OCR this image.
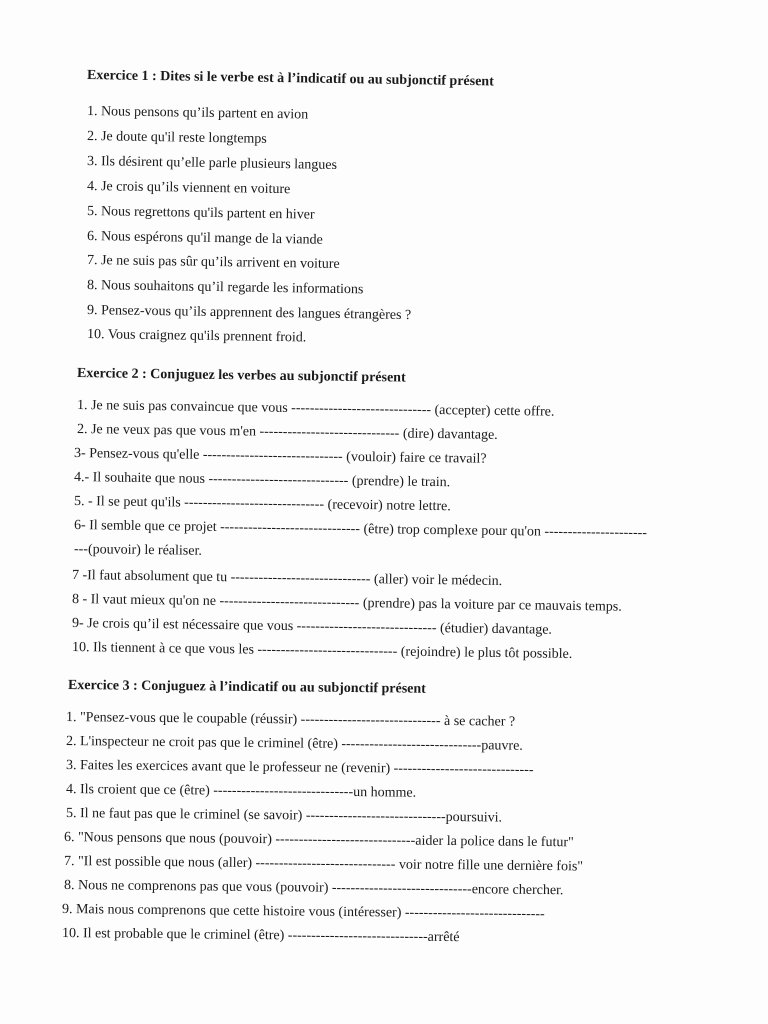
Exercice 1 : Dites si le verbe est à l’indicatif ou au subjonctif présent
1. Nous pensons qu’ils partent en avion
2. Je doute qu'il reste longtemps
3. Ils désirent qu’elle parle plusieurs langues
4. Je crois qu’ils viennent en voiture
5. Nous regrettons qu'ils partent en hiver
6. Nous espérons qu'il mange de la viande
7. Je ne suis pas sûr qu’ils arrivent en voiture
8. Nous souhaitons qu’il regarde les informations
9. Pensez-vous qu’ils apprennent des langues étrangères ?
10. Vous craignez qu'ils prennent froid.
Exercice 2 : Conjuguez les verbes au subjonctif présent
1. Je ne suis pas convaincue que vous ------------------------------ (accepter) cette offre.
2. Je ne veux pas que vous m'en ------------------------------ (dire) davantage.
3- Pensez-vous qu'elle ------------------------------ (vouloir) faire ce travail?
4.- Il souhaite que nous ------------------------------ (prendre) le train.
5. - Il se peut qu'ils ------------------------------ (recevoir) notre lettre.
6- Il semble que ce projet ------------------------------ (être) trop complexe pour qu'on ----------------------
---(pouvoir) le réaliser.
7 -Il faut absolument que tu ------------------------------ (aller) voir le médecin.
8 - Il vaut mieux qu'on ne ------------------------------ (prendre) pas la voiture par ce mauvais temps.
9- Je crois qu’il est nécessaire que vous ------------------------------ (étudier) davantage.
10. Ils tiennent à ce que vous les ------------------------------ (rejoindre) le plus tôt possible.
Exercice 3 : Conjuguez à l’indicatif ou au subjonctif présent
1. "Pensez-vous que le coupable (réussir) ------------------------------ à se cacher ?
2. L'inspecteur ne croit pas que le criminel (être) ------------------------------pauvre.
3. Faites les exercices avant que le professeur ne (revenir) ------------------------------
4. Ils croient que ce (être) ------------------------------un homme.
5. Il ne faut pas que le criminel (se savoir) ------------------------------poursuivi.
6. "Nous pensons que nous (pouvoir) ------------------------------aider la police dans le futur"
7. "Il est possible que nous (aller) ------------------------------ voir notre fille une dernière fois"
8. Nous ne comprenons pas que vous (pouvoir) ------------------------------encore chercher.
9. Mais nous comprenons que cette histoire vous (intéresser) ------------------------------
10. Il est probable que le criminel (être) ------------------------------arrêté
